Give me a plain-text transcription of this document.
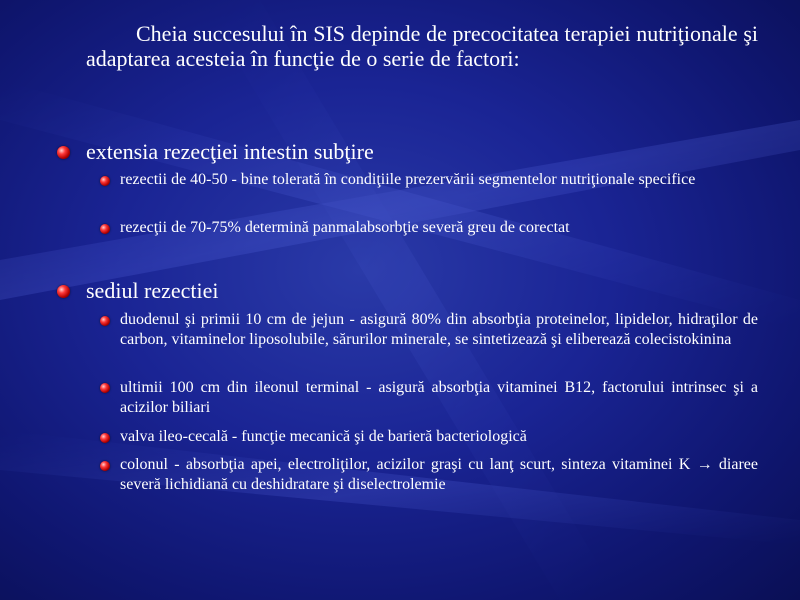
Cheia succesului în SIS depinde de precocitatea terapiei nutriţionale şi adaptarea acesteia în funcţie de o serie de factori:
extensia rezecţiei intestin subţire
rezectii de 40-50 - bine tolerată în condiţiile prezervării segmentelor nutriţionale specifice
rezecţii de 70-75% determină panmalabsorbţie severă greu de corectat
sediul rezectiei
duodenul şi primii 10 cm de jejun - asigură 80% din absorbţia proteinelor, lipidelor, hidraţilor de carbon, vitaminelor liposolubile, sărurilor minerale, se sintetizează şi eliberează colecistokinina
ultimii 100 cm din ileonul terminal - asigură absorbţia vitaminei B12, factorului intrinsec şi a acizilor biliari
valva ileo-cecală - funcţie mecanică şi de barieră bacteriologică
colonul - absorbţia apei, electroliţilor, acizilor graşi cu lanţ scurt, sinteza vitaminei K → diaree severă lichidiană cu deshidratare şi diselectrolemie
